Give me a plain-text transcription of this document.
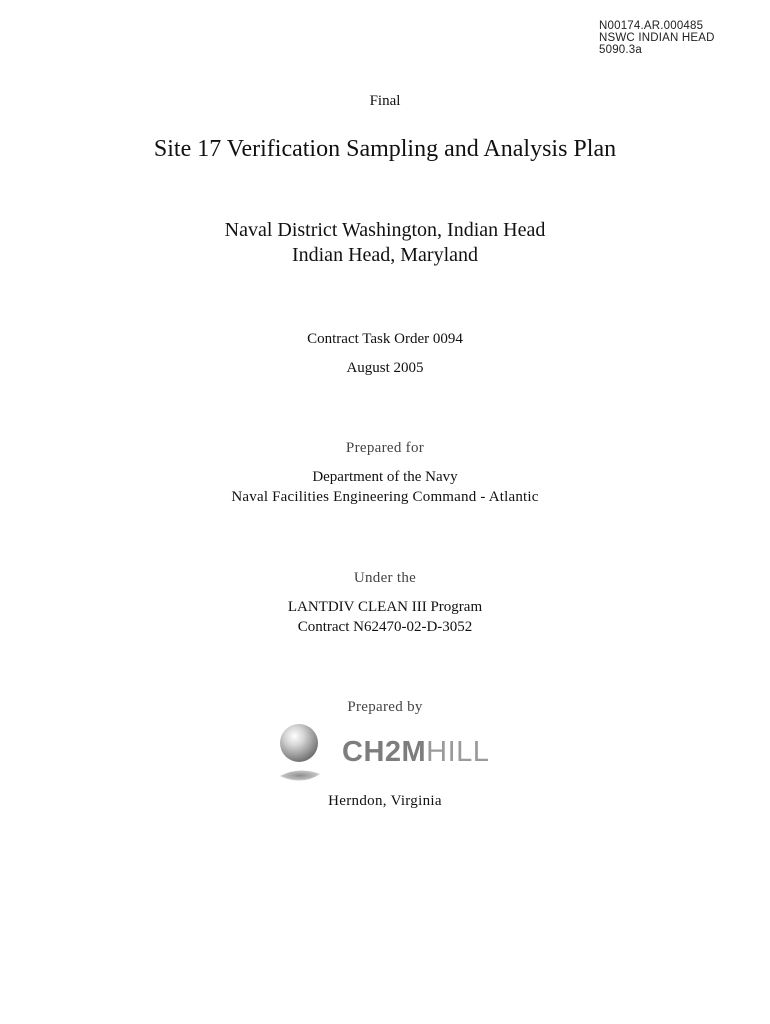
N00174.AR.000485
NSWC INDIAN HEAD
5090.3a
Final
Site 17 Verification Sampling and Analysis Plan
Naval District Washington, Indian Head
Indian Head, Maryland
Contract Task Order 0094
August 2005
Prepared for
Department of the Navy
Naval Facilities Engineering Command - Atlantic
Under the
LANTDIV CLEAN III Program
Contract N62470-02-D-3052
Prepared by
CH2MHILL
Herndon, Virginia
